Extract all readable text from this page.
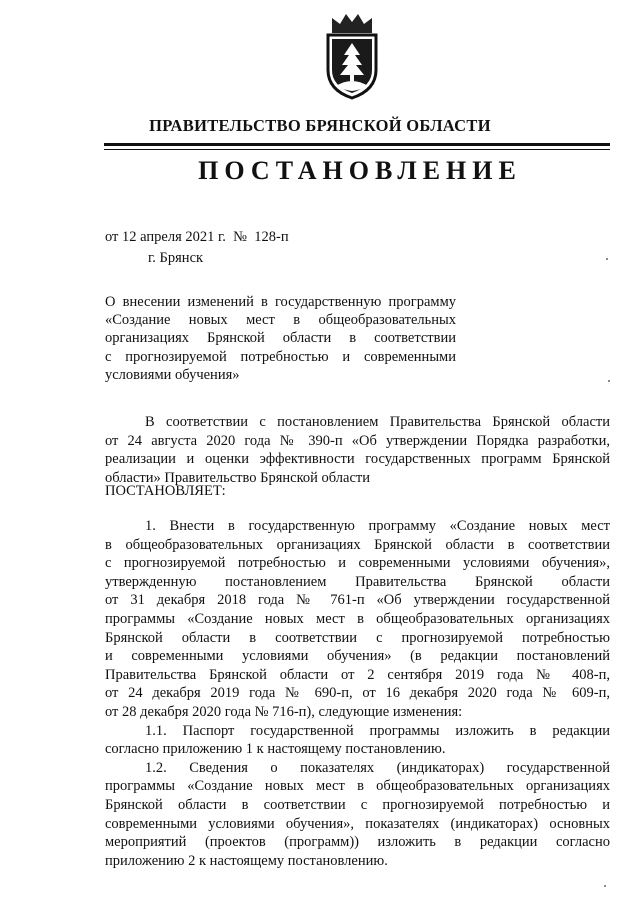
ПРАВИТЕЛЬСТВО БРЯНСКОЙ ОБЛАСТИ
ПОСТАНОВЛЕНИЕ
от 12 апреля 2021 г.  №  128-п
г. Брянск
О внесении изменений в государственную программу
«Создание новых мест в общеобразовательных
организациях Брянской области в соответствии
с прогнозируемой потребностью и современными
условиями обучения»
В соответствии с постановлением Правительства Брянской области
от 24 августа 2020 года № 390-п «Об утверждении Порядка разработки,
реализации и оценки эффективности государственных программ Брянской
области» Правительство Брянской области
ПОСТАНОВЛЯЕТ:
1. Внести в государственную программу «Создание новых мест
в общеобразовательных организациях Брянской области в соответствии
с прогнозируемой потребностью и современными условиями обучения»,
утвержденную постановлением Правительства Брянской области
от 31 декабря 2018 года № 761-п «Об утверждении государственной
программы «Создание новых мест в общеобразовательных организациях
Брянской области в соответствии с прогнозируемой потребностью
и современными условиями обучения» (в редакции постановлений
Правительства Брянской области от 2 сентября 2019 года № 408-п,
от 24 декабря 2019 года № 690-п, от 16 декабря 2020 года № 609-п,
от 28 декабря 2020 года № 716-п), следующие изменения:
1.1. Паспорт государственной программы изложить в редакции
согласно приложению 1 к настоящему постановлению.
1.2. Сведения о показателях (индикаторах) государственной
программы «Создание новых мест в общеобразовательных организациях
Брянской области в соответствии с прогнозируемой потребностью и
современными условиями обучения», показателях (индикаторах) основных
мероприятий (проектов (программ)) изложить в редакции согласно
приложению 2 к настоящему постановлению.
